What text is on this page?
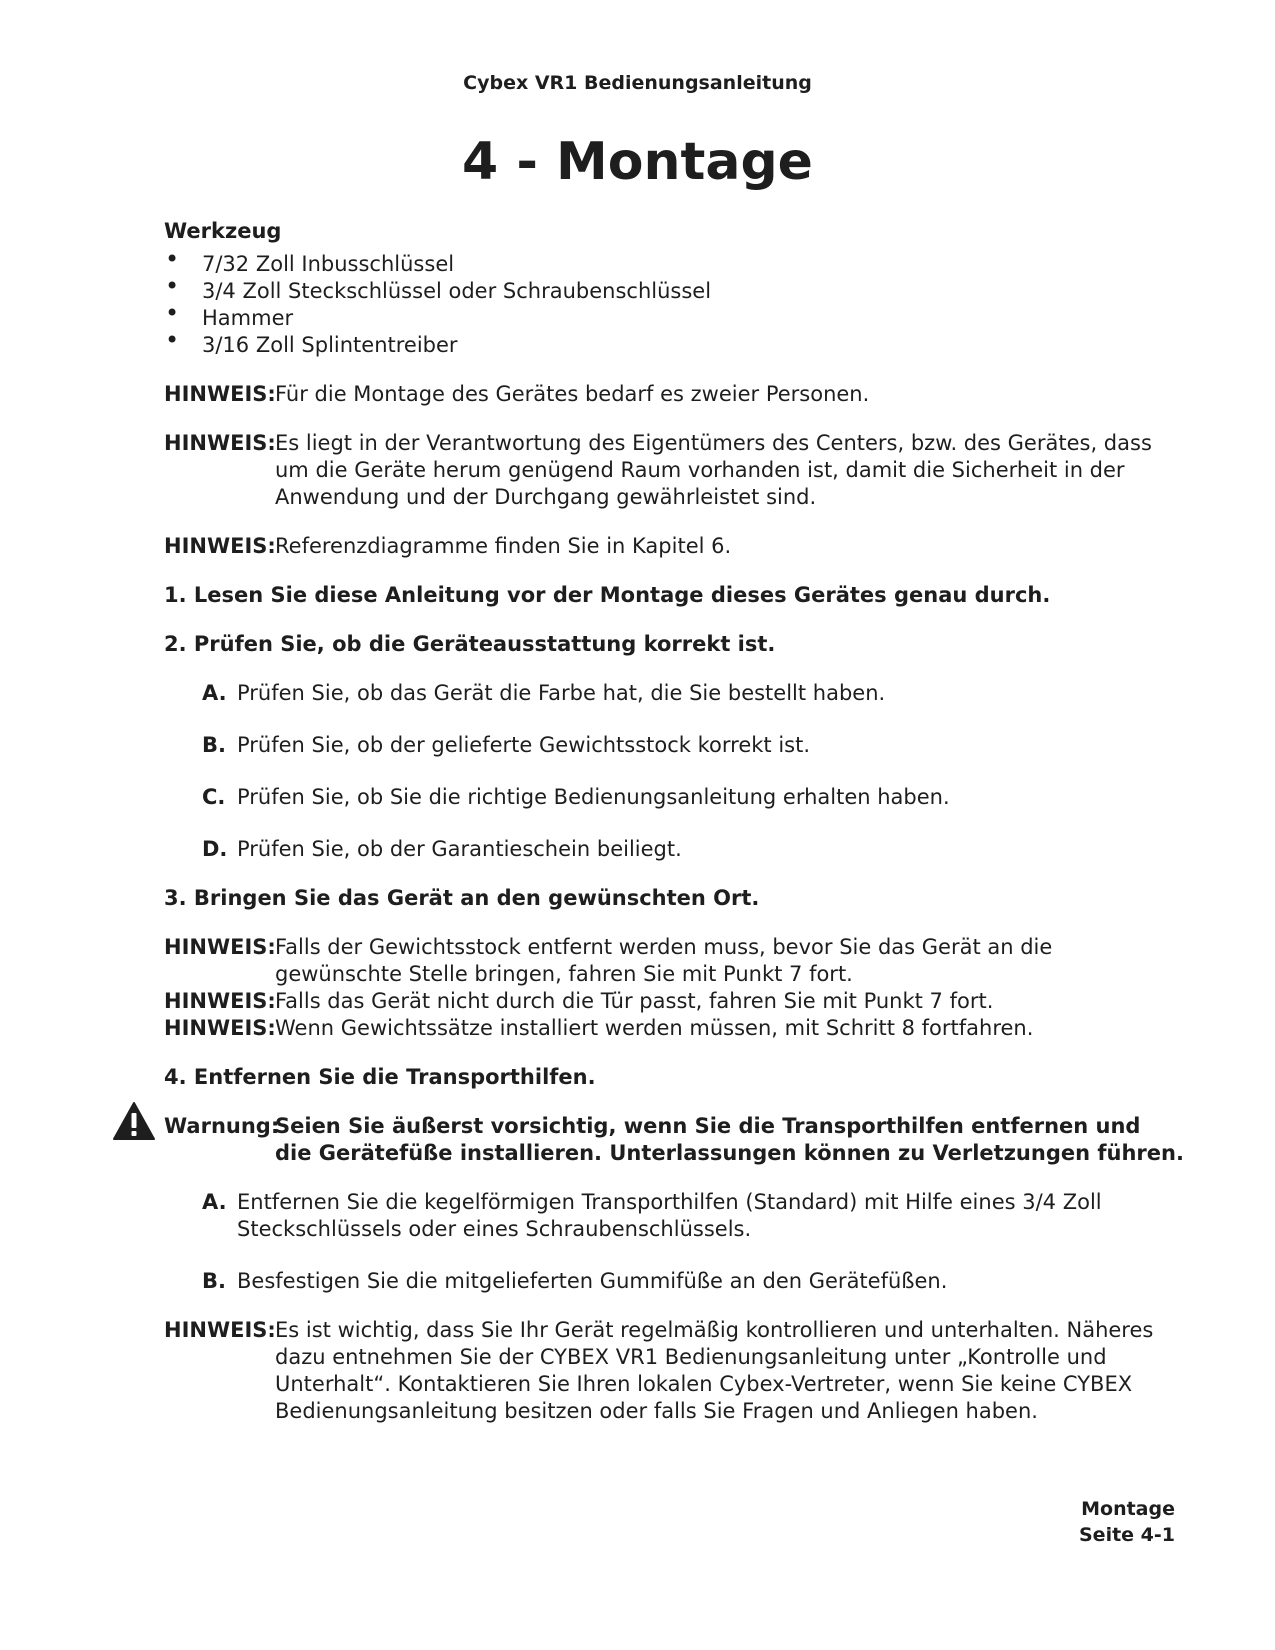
Cybex VR1 Bedienungsanleitung
4 - Montage
Werkzeug
• 7/32 Zoll Inbusschlüssel
• 3/4 Zoll Steckschlüssel oder Schraubenschlüssel
• Hammer
• 3/16 Zoll Splintentreiber
HINWEIS: Für die Montage des Gerätes bedarf es zweier Personen.
HINWEIS: Es liegt in der Verantwortung des Eigentümers des Centers, bzw. des Gerätes, dass um die Geräte herum genügend Raum vorhanden ist, damit die Sicherheit in der Anwendung und der Durchgang gewährleistet sind.
HINWEIS: Referenzdiagramme finden Sie in Kapitel 6.
1. Lesen Sie diese Anleitung vor der Montage dieses Gerätes genau durch.
2. Prüfen Sie, ob die Geräteausstattung korrekt ist.
A. Prüfen Sie, ob das Gerät die Farbe hat, die Sie bestellt haben.
B. Prüfen Sie, ob der gelieferte Gewichtsstock korrekt ist.
C. Prüfen Sie, ob Sie die richtige Bedienungsanleitung erhalten haben.
D. Prüfen Sie, ob der Garantieschein beiliegt.
3. Bringen Sie das Gerät an den gewünschten Ort.
HINWEIS: Falls der Gewichtsstock entfernt werden muss, bevor Sie das Gerät an die gewünschte Stelle bringen, fahren Sie mit Punkt 7 fort.
HINWEIS: Falls das Gerät nicht durch die Tür passt, fahren Sie mit Punkt 7 fort.
HINWEIS: Wenn Gewichtssätze installiert werden müssen, mit Schritt 8 fortfahren.
4. Entfernen Sie die Transporthilfen.
Warnung:
Seien Sie äußerst vorsichtig, wenn Sie die Transporthilfen entfernen und die Gerätefüße installieren. Unterlassungen können zu Verletzungen führen.
A. Entfernen Sie die kegelförmigen Transporthilfen (Standard) mit Hilfe eines 3/4 Zoll Steckschlüssels oder eines Schraubenschlüssels.
B. Besfestigen Sie die mitgelieferten Gummifüße an den Gerätefüßen.
HINWEIS: Es ist wichtig, dass Sie Ihr Gerät regelmäßig kontrollieren und unterhalten. Näheres dazu entnehmen Sie der CYBEX VR1 Bedienungsanleitung unter „Kontrolle und Unterhalt“. Kontaktieren Sie Ihren lokalen Cybex-Vertreter, wenn Sie keine CYBEX Bedienungsanleitung besitzen oder falls Sie Fragen und Anliegen haben.
Montage
Seite 4-1
